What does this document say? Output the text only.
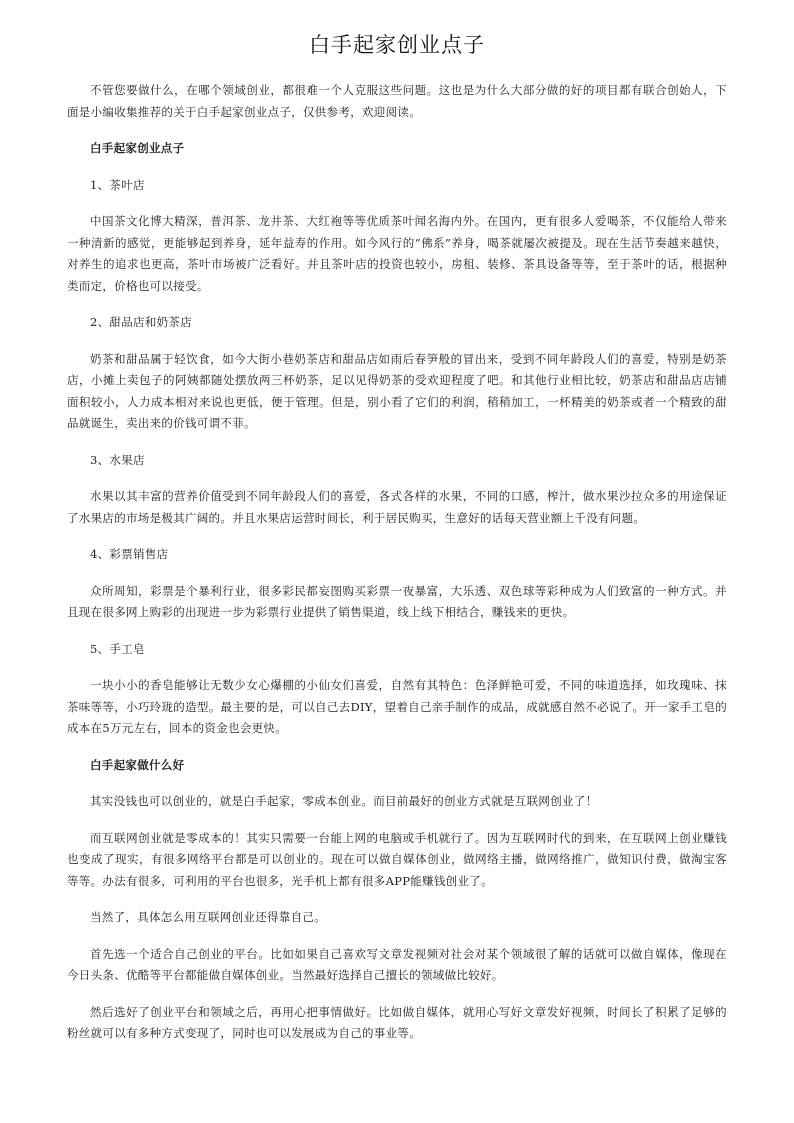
白手起家创业点子

不管您要做什么，在哪个领域创业，都很难一个人克服这些问题。这也是为什么大部分做的好的项目都有联合创始人，下面是小编收集推荐的关于白手起家创业点子，仅供参考，欢迎阅读。

白手起家创业点子

1、茶叶店

中国茶文化博大精深，普洱茶、龙井茶、大红袍等等优质茶叶闻名海内外。在国内，更有很多人爱喝茶，不仅能给人带来一种清新的感觉，更能够起到养身，延年益寿的作用。如今风行的“佛系”养身，喝茶就屡次被提及。现在生活节奏越来越快，对养生的追求也更高，茶叶市场被广泛看好。并且茶叶店的投资也较小，房租、装修、茶具设备等等，至于茶叶的话，根据种类而定，价格也可以接受。

2、甜品店和奶茶店

奶茶和甜品属于轻饮食，如今大街小巷奶茶店和甜品店如雨后春笋般的冒出来，受到不同年龄段人们的喜爱，特别是奶茶店，小摊上卖包子的阿姨都随处摆放两三杯奶茶，足以见得奶茶的受欢迎程度了吧。和其他行业相比较，奶茶店和甜品店店铺面积较小，人力成本相对来说也更低，便于管理。但是，别小看了它们的利润，稍稍加工，一杯精美的奶茶或者一个精致的甜品就诞生，卖出来的价钱可谓不菲。

3、水果店

水果以其丰富的营养价值受到不同年龄段人们的喜爱，各式各样的水果，不同的口感，榨汁，做水果沙拉众多的用途保证了水果店的市场是极其广阔的。并且水果店运营时间长，利于居民购买，生意好的话每天营业额上千没有问题。

4、彩票销售店

众所周知，彩票是个暴利行业，很多彩民都妄图购买彩票一夜暴富，大乐透、双色球等彩种成为人们致富的一种方式。并且现在很多网上购彩的出现进一步为彩票行业提供了销售渠道，线上线下相结合，赚钱来的更快。

5、手工皂

一块小小的香皂能够让无数少女心爆棚的小仙女们喜爱，自然有其特色：色泽鲜艳可爱，不同的味道选择，如玫瑰味、抹茶味等等，小巧玲珑的造型。最主要的是，可以自己去DIY，望着自己亲手制作的成品，成就感自然不必说了。开一家手工皂的成本在5万元左右，回本的资金也会更快。

白手起家做什么好

其实没钱也可以创业的，就是白手起家，零成本创业。而目前最好的创业方式就是互联网创业了！

而互联网创业就是零成本的！其实只需要一台能上网的电脑或手机就行了。因为互联网时代的到来，在互联网上创业赚钱也变成了现实，有很多网络平台都是可以创业的。现在可以做自媒体创业，做网络主播，做网络推广，做知识付费，做淘宝客等等。办法有很多，可利用的平台也很多，光手机上都有很多APP能赚钱创业了。

当然了，具体怎么用互联网创业还得靠自己。

首先选一个适合自己创业的平台。比如如果自己喜欢写文章发视频对社会对某个领域很了解的话就可以做自媒体，像现在今日头条、优酷等平台都能做自媒体创业。当然最好选择自己擅长的领域做比较好。

然后选好了创业平台和领域之后，再用心把事情做好。比如做自媒体，就用心写好文章发好视频，时间长了积累了足够的粉丝就可以有多种方式变现了，同时也可以发展成为自己的事业等。
